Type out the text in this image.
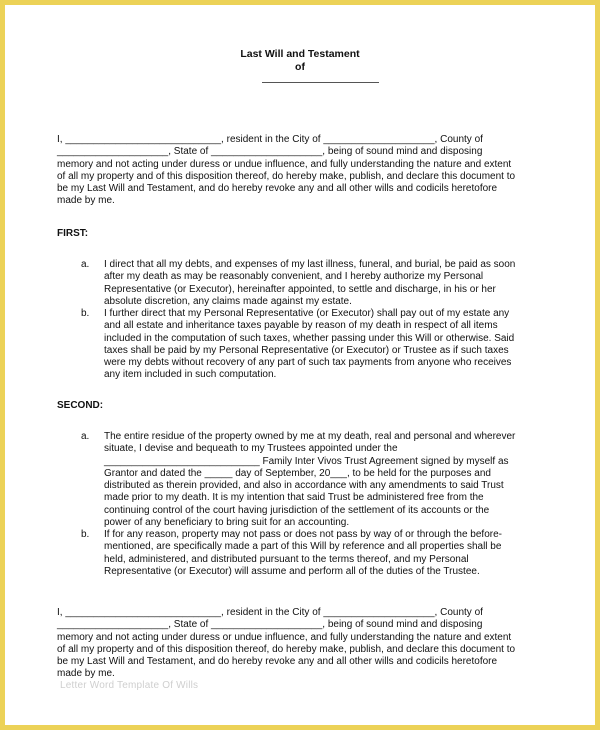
Last Will and Testament
of
I, ____________________________, resident in the City of ____________________, County of
____________________, State of ____________________, being of sound mind and disposing
memory and not acting under duress or undue influence, and fully understanding the nature and extent
of all my property and of this disposition thereof, do hereby make, publish, and declare this document to
be my Last Will and Testament, and do hereby revoke any and all other wills and codicils heretofore
made by me.
FIRST:
a. I direct that all my debts, and expenses of my last illness, funeral, and burial, be paid as soon
after my death as may be reasonably convenient, and I hereby authorize my Personal
Representative (or Executor), hereinafter appointed, to settle and discharge, in his or her
absolute discretion, any claims made against my estate.
b. I further direct that my Personal Representative (or Executor) shall pay out of my estate any
and all estate and inheritance taxes payable by reason of my death in respect of all items
included in the computation of such taxes, whether passing under this Will or otherwise. Said
taxes shall be paid by my Personal Representative (or Executor) or Trustee as if such taxes
were my debts without recovery of any part of such tax payments from anyone who receives
any item included in such computation.
SECOND:
a. The entire residue of the property owned by me at my death, real and personal and wherever
situate, I devise and bequeath to my Trustees appointed under the
____________________________ Family Inter Vivos Trust Agreement signed by myself as
Grantor and dated the _____ day of September, 20___, to be held for the purposes and
distributed as therein provided, and also in accordance with any amendments to said Trust
made prior to my death. It is my intention that said Trust be administered free from the
continuing control of the court having jurisdiction of the settlement of its accounts or the
power of any beneficiary to bring suit for an accounting.
b. If for any reason, property may not pass or does not pass by way of or through the before-
mentioned, are specifically made a part of this Will by reference and all properties shall be
held, administered, and distributed pursuant to the terms thereof, and my Personal
Representative (or Executor) will assume and perform all of the duties of the Trustee.
I, ____________________________, resident in the City of ____________________, County of
____________________, State of ____________________, being of sound mind and disposing
memory and not acting under duress or undue influence, and fully understanding the nature and extent
of all my property and of this disposition thereof, do hereby make, publish, and declare this document to
be my Last Will and Testament, and do hereby revoke any and all other wills and codicils heretofore
made by me.
Letter Word Template Of Wills
